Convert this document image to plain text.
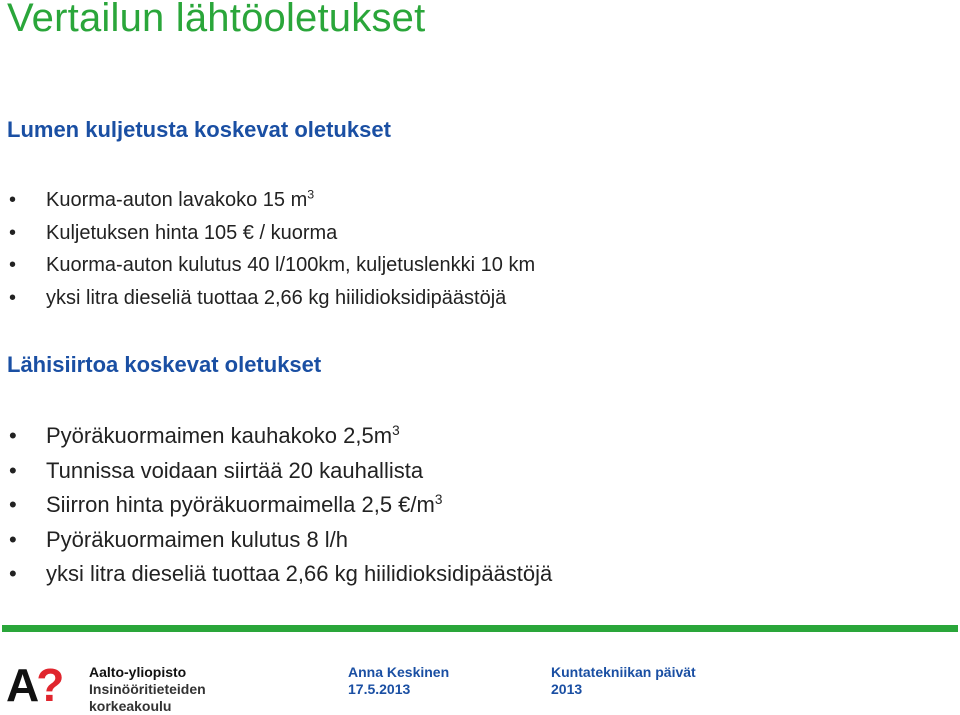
Vertailun lähtöoletukset
Lumen kuljetusta koskevat oletukset
• Kuorma-auton lavakoko 15 $m^3$
• Kuljetuksen hinta 105 € / kuorma
• Kuorma-auton kulutus 40 l/100km, kuljetuslenkki 10 km
• yksi litra dieseliä tuottaa 2,66 kg hiilidioksidipäästöjä
Lähisiirtoa koskevat oletukset
• Pyöräkuormaimen kauhakoko $2,5m^3$
• Tunnissa voidaan siirtää 20 kauhallista
• Siirron hinta pyöräkuormaimella 2,5 $€/m^3$
• Pyöräkuormaimen kulutus 8 l/h
• yksi litra dieseliä tuottaa 2,66 kg hiilidioksidipäästöjä
A?	Aalto-yliopisto
Insinööritieteiden
korkeakoulu
Anna Keskinen
17.5.2013
Kuntatekniikan päivät
2013
